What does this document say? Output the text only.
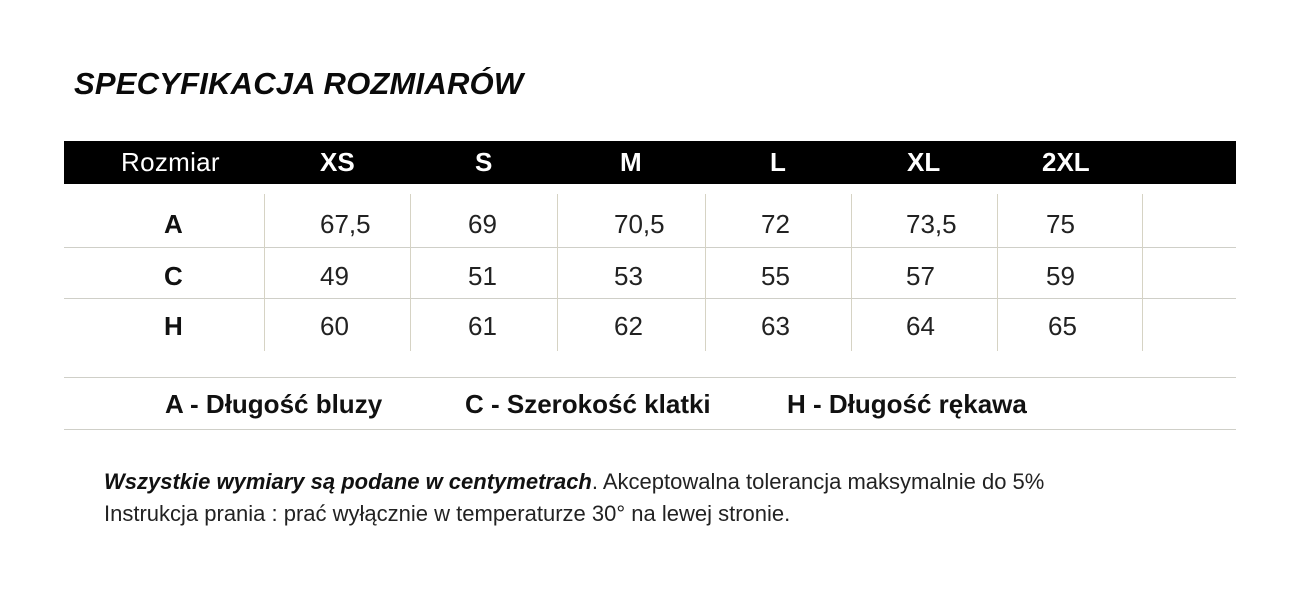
SPECYFIKACJA ROZMIARÓW
Rozmiar	XS	S	M	L	XL	2XL
A	67,5	69	70,5	72	73,5	75
C	49	51	53	55	57	59
H	60	61	62	63	64	65
A - Długość bluzy	C - Szerokość klatki	H - Długość rękawa
Wszystkie wymiary są podane w centymetrach. Akceptowalna tolerancja maksymalnie do 5%
Instrukcja prania : prać wyłącznie w temperaturze 30° na lewej stronie.
